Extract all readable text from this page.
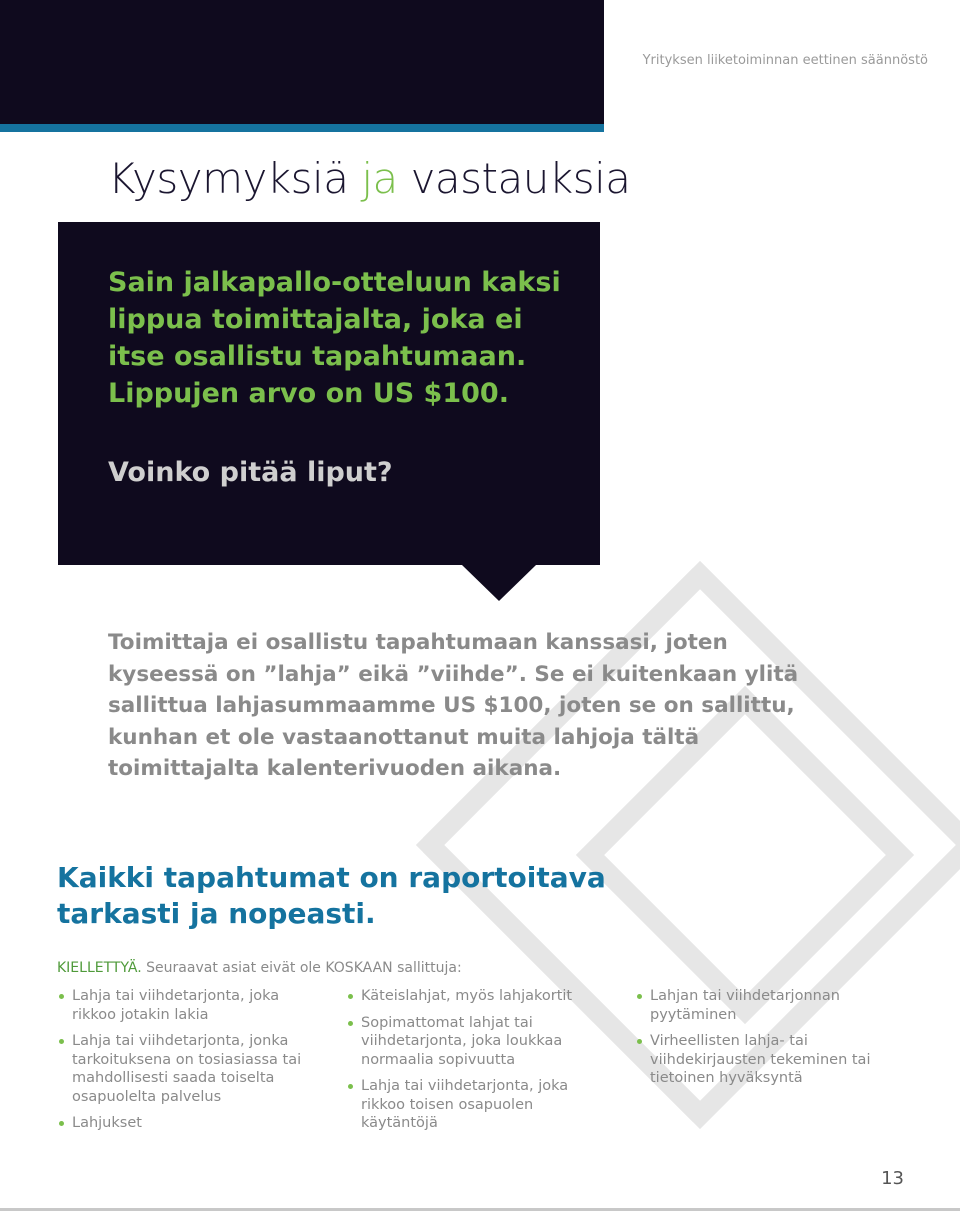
Yrityksen liiketoiminnan eettinen säännöstö
Kysymyksiä ja vastauksia

Sain jalkapallo-otteluun kaksi lippua toimittajalta, joka ei itse osallistu tapahtumaan. Lippujen arvo on US $100.

Voinko pitää liput?

Toimittaja ei osallistu tapahtumaan kanssasi, joten kyseessä on ”lahja” eikä ”viihde”. Se ei kuitenkaan ylitä sallittua lahjasummaamme US $100, joten se on sallittu, kunhan et ole vastaanottanut muita lahjoja tältä toimittajalta kalenterivuoden aikana.

Kaikki tapahtumat on raportoitava tarkasti ja nopeasti.

KIELLETTYÄ. Seuraavat asiat eivät ole KOSKAAN sallittuja:
Lahja tai viihdetarjonta, joka rikkoo jotakin lakia
Lahja tai viihdetarjonta, jonka tarkoituksena on tosiasiassa tai mahdollisesti saada toiselta osapuolelta palvelus
Lahjukset
Käteislahjat, myös lahjakortit
Sopimattomat lahjat tai viihdetarjonta, joka loukkaa normaalia sopivuutta
Lahja tai viihdetarjonta, joka rikkoo toisen osapuolen käytäntöjä
Lahjan tai viihdetarjonnan pyytäminen
Virheellisten lahja- tai viihdekirjausten tekeminen tai tietoinen hyväksyntä
13
